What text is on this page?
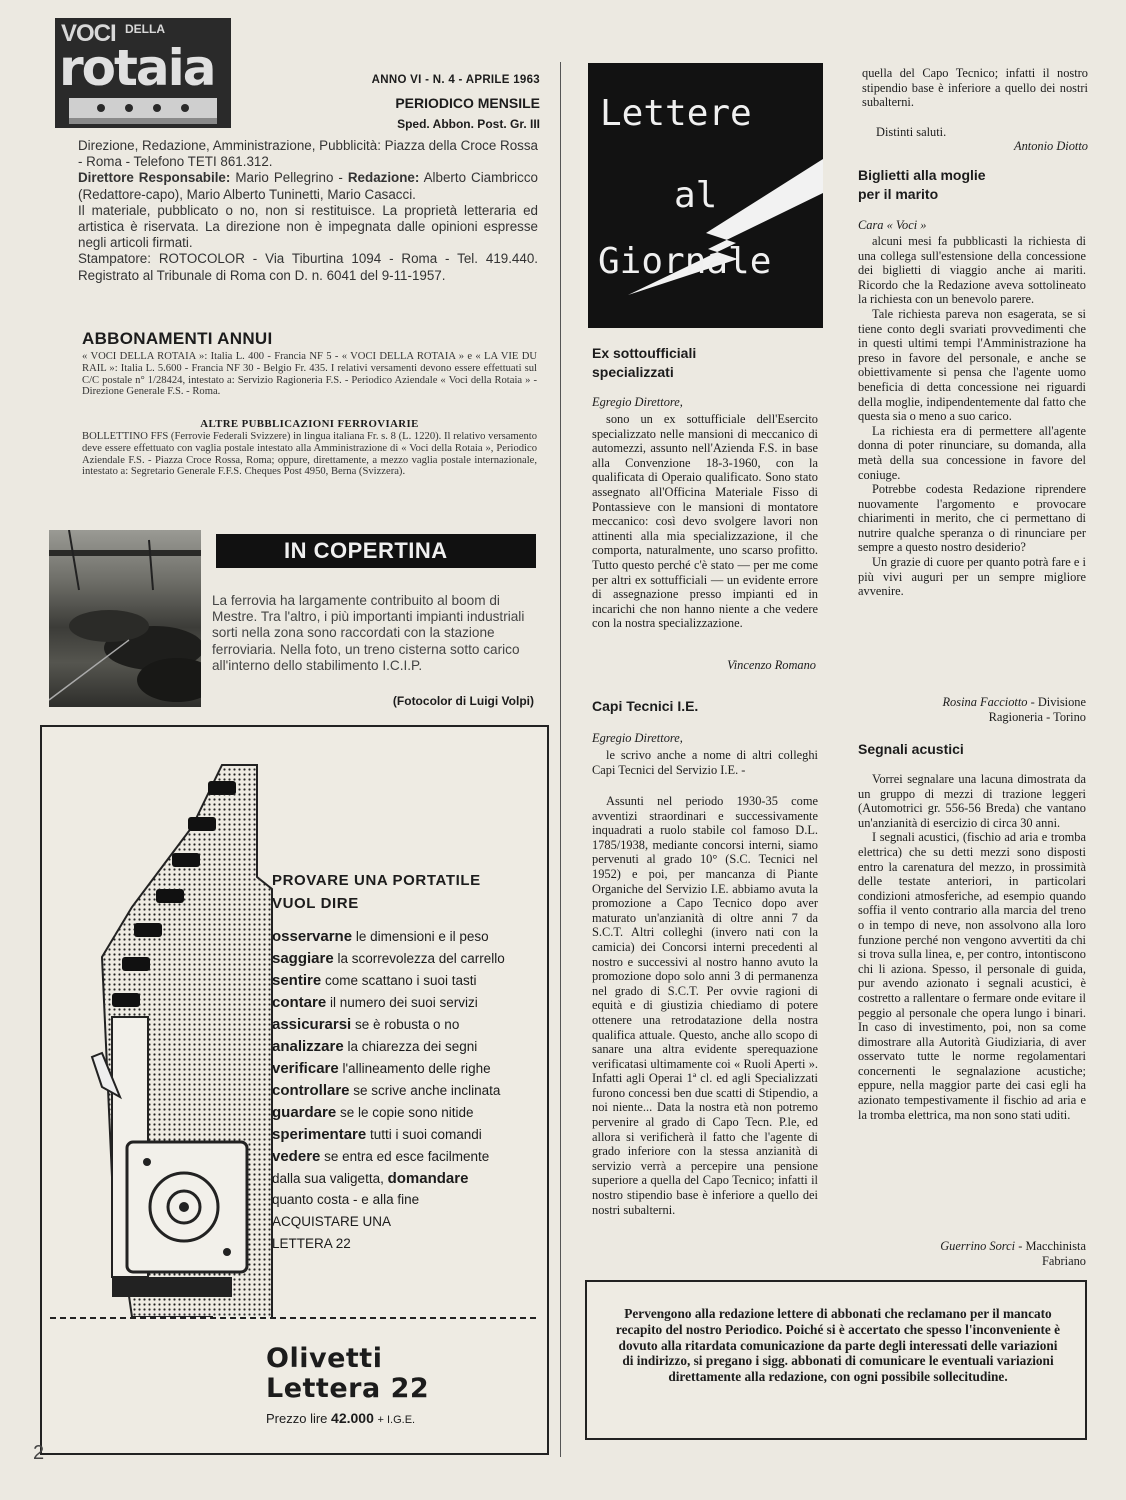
VOCI DELLA
rotaia	ANNO VI - N. 4 - APRILE 1963
PERIODICO MENSILE
Sped. Abbon. Post. Gr. III

Direzione, Redazione, Amministrazione, Pubblicità: Piazza della Croce Rossa - Roma - Telefono TETI 861.312.

Direttore Responsabile: Mario Pellegrino - Redazione: Alberto Ciambricco (Redattore-capo), Mario Alberto Tuninetti, Mario Casacci.

Il materiale, pubblicato o no, non si restituisce. La proprietà letteraria ed artistica è riservata. La direzione non è impegnata dalle opinioni espresse negli articoli firmati.

Stampatore: ROTOCOLOR - Via Tiburtina 1094 - Roma - Tel. 419.440. Registrato al Tribunale di Roma con D. n. 6041 del 9-11-1957.

ABBONAMENTI ANNUI
« VOCI DELLA ROTAIA »: Italia L. 400 - Francia NF 5 - « VOCI DELLA ROTAIA » e « LA VIE DU RAIL »: Italia L. 5.600 - Francia NF 30 - Belgio Fr. 435. I relativi versamenti devono essere effettuati sul C/C postale n° 1/28424, intestato a: Servizio Ragioneria F.S. - Periodico Aziendale « Voci della Rotaia » - Direzione Generale F.S. - Roma.
ALTRE PUBBLICAZIONI FERROVIARIE
BOLLETTINO FFS (Ferrovie Federali Svizzere) in lingua italiana Fr. s. 8 (L. 1220). Il relativo versamento deve essere effettuato con vaglia postale intestato alla Amministrazione di « Voci della Rotaia », Periodico Aziendale F.S. - Piazza Croce Rossa, Roma; oppure, direttamente, a mezzo vaglia postale internazionale, intestato a: Segretario Generale F.F.S. Cheques Post 4950, Berna (Svizzera).
IN COPERTINA
La ferrovia ha largamente contribuito al boom di Mestre. Tra l'altro, i più importanti impianti industriali sorti nella zona sono raccordati con la stazione ferroviaria. Nella foto, un treno cisterna sotto carico all'interno dello stabilimento I.C.I.P.
(Fotocolor di Luigi Volpi)
PROVARE UNA PORTATILE
VUOL DIRE
osservarne le dimensioni e il peso
saggiare la scorrevolezza del carrello
sentire come scattano i suoi tasti
contare il numero dei suoi servizi
assicurarsi se è robusta o no
analizzare la chiarezza dei segni
verificare l'allineamento delle righe
controllare se scrive anche inclinata
guardare se le copie sono nitide
sperimentare tutti i suoi comandi
vedere se entra ed esce facilmente
dalla sua valigetta, domandare
quanto costa - e alla fine
ACQUISTARE UNA
LETTERA 22
Olivetti
Lettera 22
Prezzo lire 42.000 + I.G.E.
Lettere
al
Giornale
Ex sottoufficiali
specializzati
Egregio Direttore,
sono un ex sottufficiale dell'Esercito specializzato nelle mansioni di meccanico di automezzi, assunto nell'Azienda F.S. in base alla Convenzione 18-3-1960, con la qualificata di Operaio qualificato. Sono stato assegnato all'Officina Materiale Fisso di Pontassieve con le mansioni di montatore meccanico: così devo svolgere lavori non attinenti alla mia specializzazione, il che comporta, naturalmente, uno scarso profitto. Tutto questo perché c'è stato — per me come per altri ex sottufficiali — un evidente errore di assegnazione presso impianti ed in incarichi che non hanno niente a che vedere con la nostra specializzazione.
Vincenzo Romano
Capi Tecnici I.E.
Egregio Direttore,
le scrivo anche a nome di altri colleghi Capi Tecnici del Servizio I.E. -
Assunti nel periodo 1930-35 come avventizi straordinari e successivamente inquadrati a ruolo stabile col famoso D.L. 1785/1938, mediante concorsi interni, siamo pervenuti al grado 10° (S.C. Tecnici nel 1952) e poi, per mancanza di Piante Organiche del Servizio I.E. abbiamo avuta la promozione a Capo Tecnico dopo aver maturato un'anzianità di oltre anni 7 da S.C.T. Altri colleghi (invero nati con la camicia) dei Concorsi interni precedenti al nostro e successivi al nostro hanno avuto la promozione dopo solo anni 3 di permanenza nel grado di S.C.T. Per ovvie ragioni di equità e di giustizia chiediamo di potere ottenere una retrodatazione della nostra qualifica attuale. Questo, anche allo scopo di sanare una altra evidente sperequazione verificatasi ultimamente coi « Ruoli Aperti ». Infatti agli Operai 1ª cl. ed agli Specializzati furono concessi ben due scatti di Stipendio, a noi niente... Data la nostra età non potremo pervenire al grado di Capo Tecn. P.le, ed allora si verificherà il fatto che l'agente di grado inferiore con la stessa anzianità di servizio verrà a percepire una pensione superiore a quella del Capo Tecnico; infatti il nostro stipendio base è inferiore a quello dei nostri subalterni.

quella del Capo Tecnico; infatti il nostro stipendio base è inferiore a quello dei nostri subalterni.

Distinti saluti.
Antonio Diotto
Biglietti alla moglie
per il marito
Cara « Voci »

alcuni mesi fa pubblicasti la richiesta di una collega sull'estensione della concessione dei biglietti di viaggio anche ai mariti. Ricordo che la Redazione aveva sottolineato la richiesta con un benevolo parere.

Tale richiesta pareva non esagerata, se si tiene conto degli svariati provvedimenti che in questi ultimi tempi l'Amministrazione ha preso in favore del personale, e anche se obiettivamente si pensa che l'agente uomo beneficia di detta concessione nei riguardi della moglie, indipendentemente dal fatto che questa sia o meno a suo carico.

La richiesta era di permettere all'agente donna di poter rinunciare, su domanda, alla metà della sua concessione in favore del coniuge.

Potrebbe codesta Redazione riprendere nuovamente l'argomento e provocare chiarimenti in merito, che ci permettano di nutrire qualche speranza o di rinunciare per sempre a questo nostro desiderio?

Un grazie di cuore per quanto potrà fare e i più vivi auguri per un sempre migliore avvenire.

Rosina Facciotto - Divisione
Ragioneria - Torino
Segnali acustici

Vorrei segnalare una lacuna dimostrata da un gruppo di mezzi di trazione leggeri (Automotrici gr. 556-56 Breda) che vantano un'anzianità di esercizio di circa 30 anni.

I segnali acustici, (fischio ad aria e tromba elettrica) che su detti mezzi sono disposti entro la carenatura del mezzo, in prossimità delle testate anteriori, in particolari condizioni atmosferiche, ad esempio quando soffia il vento contrario alla marcia del treno o in tempo di neve, non assolvono alla loro funzione perché non vengono avvertiti da chi si trova sulla linea, e, per contro, intontiscono chi li aziona. Spesso, il personale di guida, pur avendo azionato i segnali acustici, è costretto a rallentare o fermare onde evitare il peggio al personale che opera lungo i binari. In caso di investimento, poi, non sa come dimostrare alla Autorità Giudiziaria, di aver osservato tutte le norme regolamentari concernenti le segnalazione acustiche; eppure, nella maggior parte dei casi egli ha azionato tempestivamente il fischio ad aria e la tromba elettrica, ma non sono stati uditi.

Guerrino Sorci - Macchinista
Fabriano
Pervengono alla redazione lettere di abbonati che reclamano per il mancato recapito del nostro Periodico. Poiché si è accertato che spesso l'inconveniente è dovuto alla ritardata comunicazione da parte degli interessati delle variazioni di indirizzo, si pregano i sigg. abbonati di comunicare le eventuali variazioni direttamente alla redazione, con ogni possibile sollecitudine.
2
